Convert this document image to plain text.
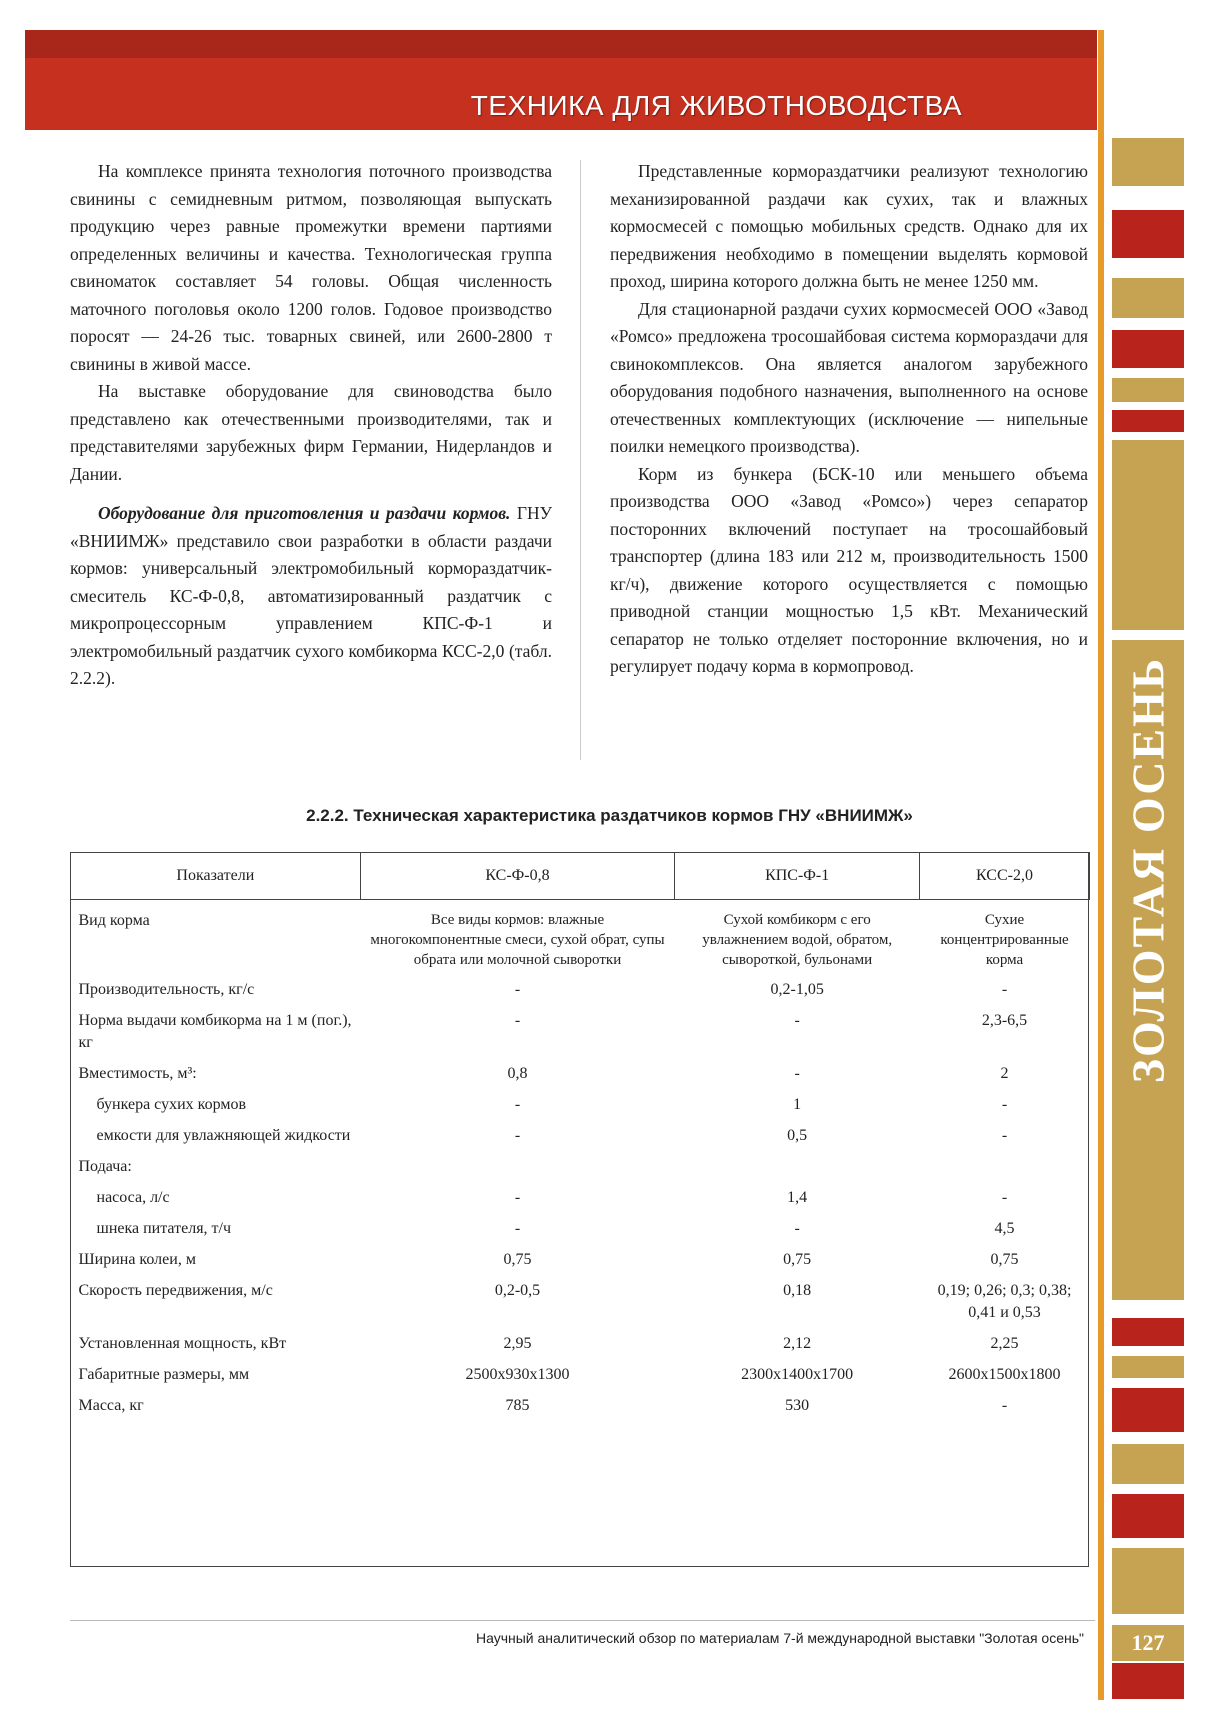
ТЕХНИКА ДЛЯ ЖИВОТНОВОДСТВА
ЗОЛОТАЯ ОСЕНЬ

На комплексе принята технология поточного производства свинины с семидневным ритмом, позволяющая выпускать продукцию через равные промежутки времени партиями определенных величины и качества. Технологическая группа свиноматок составляет 54 головы. Общая численность маточного поголовья около 1200 голов. Годовое производство поросят — 24-26 тыс. товарных свиней, или 2600-2800 т свинины в живой массе.

На выставке оборудование для свиноводства было представлено как отечественными производителями, так и представителями зарубежных фирм Германии, Нидерландов и Дании.

Оборудование для приготовления и раздачи кормов. ГНУ «ВНИИМЖ» представило свои разработки в области раздачи кормов: универсальный электромобильный кормораздатчик-смеситель КС-Ф-0,8, автоматизированный раздатчик с микропроцессорным управлением КПС-Ф-1 и электромобильный раздатчик сухого комбикорма КСС-2,0 (табл. 2.2.2).

Представленные кормораздатчики реализуют технологию механизированной раздачи как сухих, так и влажных кормосмесей с помощью мобильных средств. Однако для их передвижения необходимо в помещении выделять кормовой проход, ширина которого должна быть не менее 1250 мм.

Для стационарной раздачи сухих кормосмесей ООО «Завод «Ромсо» предложена тросошайбовая система кормораздачи для свинокомплексов. Она является аналогом зарубежного оборудования подобного назначения, выполненного на основе отечественных комплектующих (исключение — нипельные поилки немецкого производства).

Корм из бункера (БСК-10 или меньшего объема производства ООО «Завод «Ромсо») через сепаратор посторонних включений поступает на тросошайбовый транспортер (длина 183 или 212 м, производительность 1500 кг/ч), движение которого осуществляется с помощью приводной станции мощностью 1,5 кВт. Механический сепаратор не только отделяет посторонние включения, но и регулирует подачу корма в кормопровод.

2.2.2. Техническая характеристика раздатчиков кормов ГНУ «ВНИИМЖ»
Показатели	КС-Ф-0,8	КПС-Ф-1	КСС-2,0
Вид корма	Все виды кормов: влажные многокомпонентные смеси, сухой обрат, супы обрата или молочной сыворотки	Сухой комбикорм с его увлажнением водой, обратом, сывороткой, бульонами	Сухие концентрированные корма
Производительность, кг/с	-	0,2-1,05	-
Норма выдачи комбикорма на 1 м (пог.), кг	-	-	2,3-6,5
Вместимость, м³:	0,8	-	2
бункера сухих кормов	-	1	-
емкости для увлажняющей жидкости	-	0,5	-
Подача:			
насоса, л/с	-	1,4	-
шнека питателя, т/ч	-	-	4,5
Ширина колеи, м	0,75	0,75	0,75
Скорость передвижения, м/с	0,2-0,5	0,18	0,19; 0,26; 0,3; 0,38; 0,41 и 0,53
Установленная мощность, кВт	2,95	2,12	2,25
Габаритные размеры, мм	2500x930x1300	2300x1400x1700	2600x1500x1800
Масса, кг	785	530	-
Научный аналитический обзор по материалам 7-й международной выставки "Золотая осень"	127
